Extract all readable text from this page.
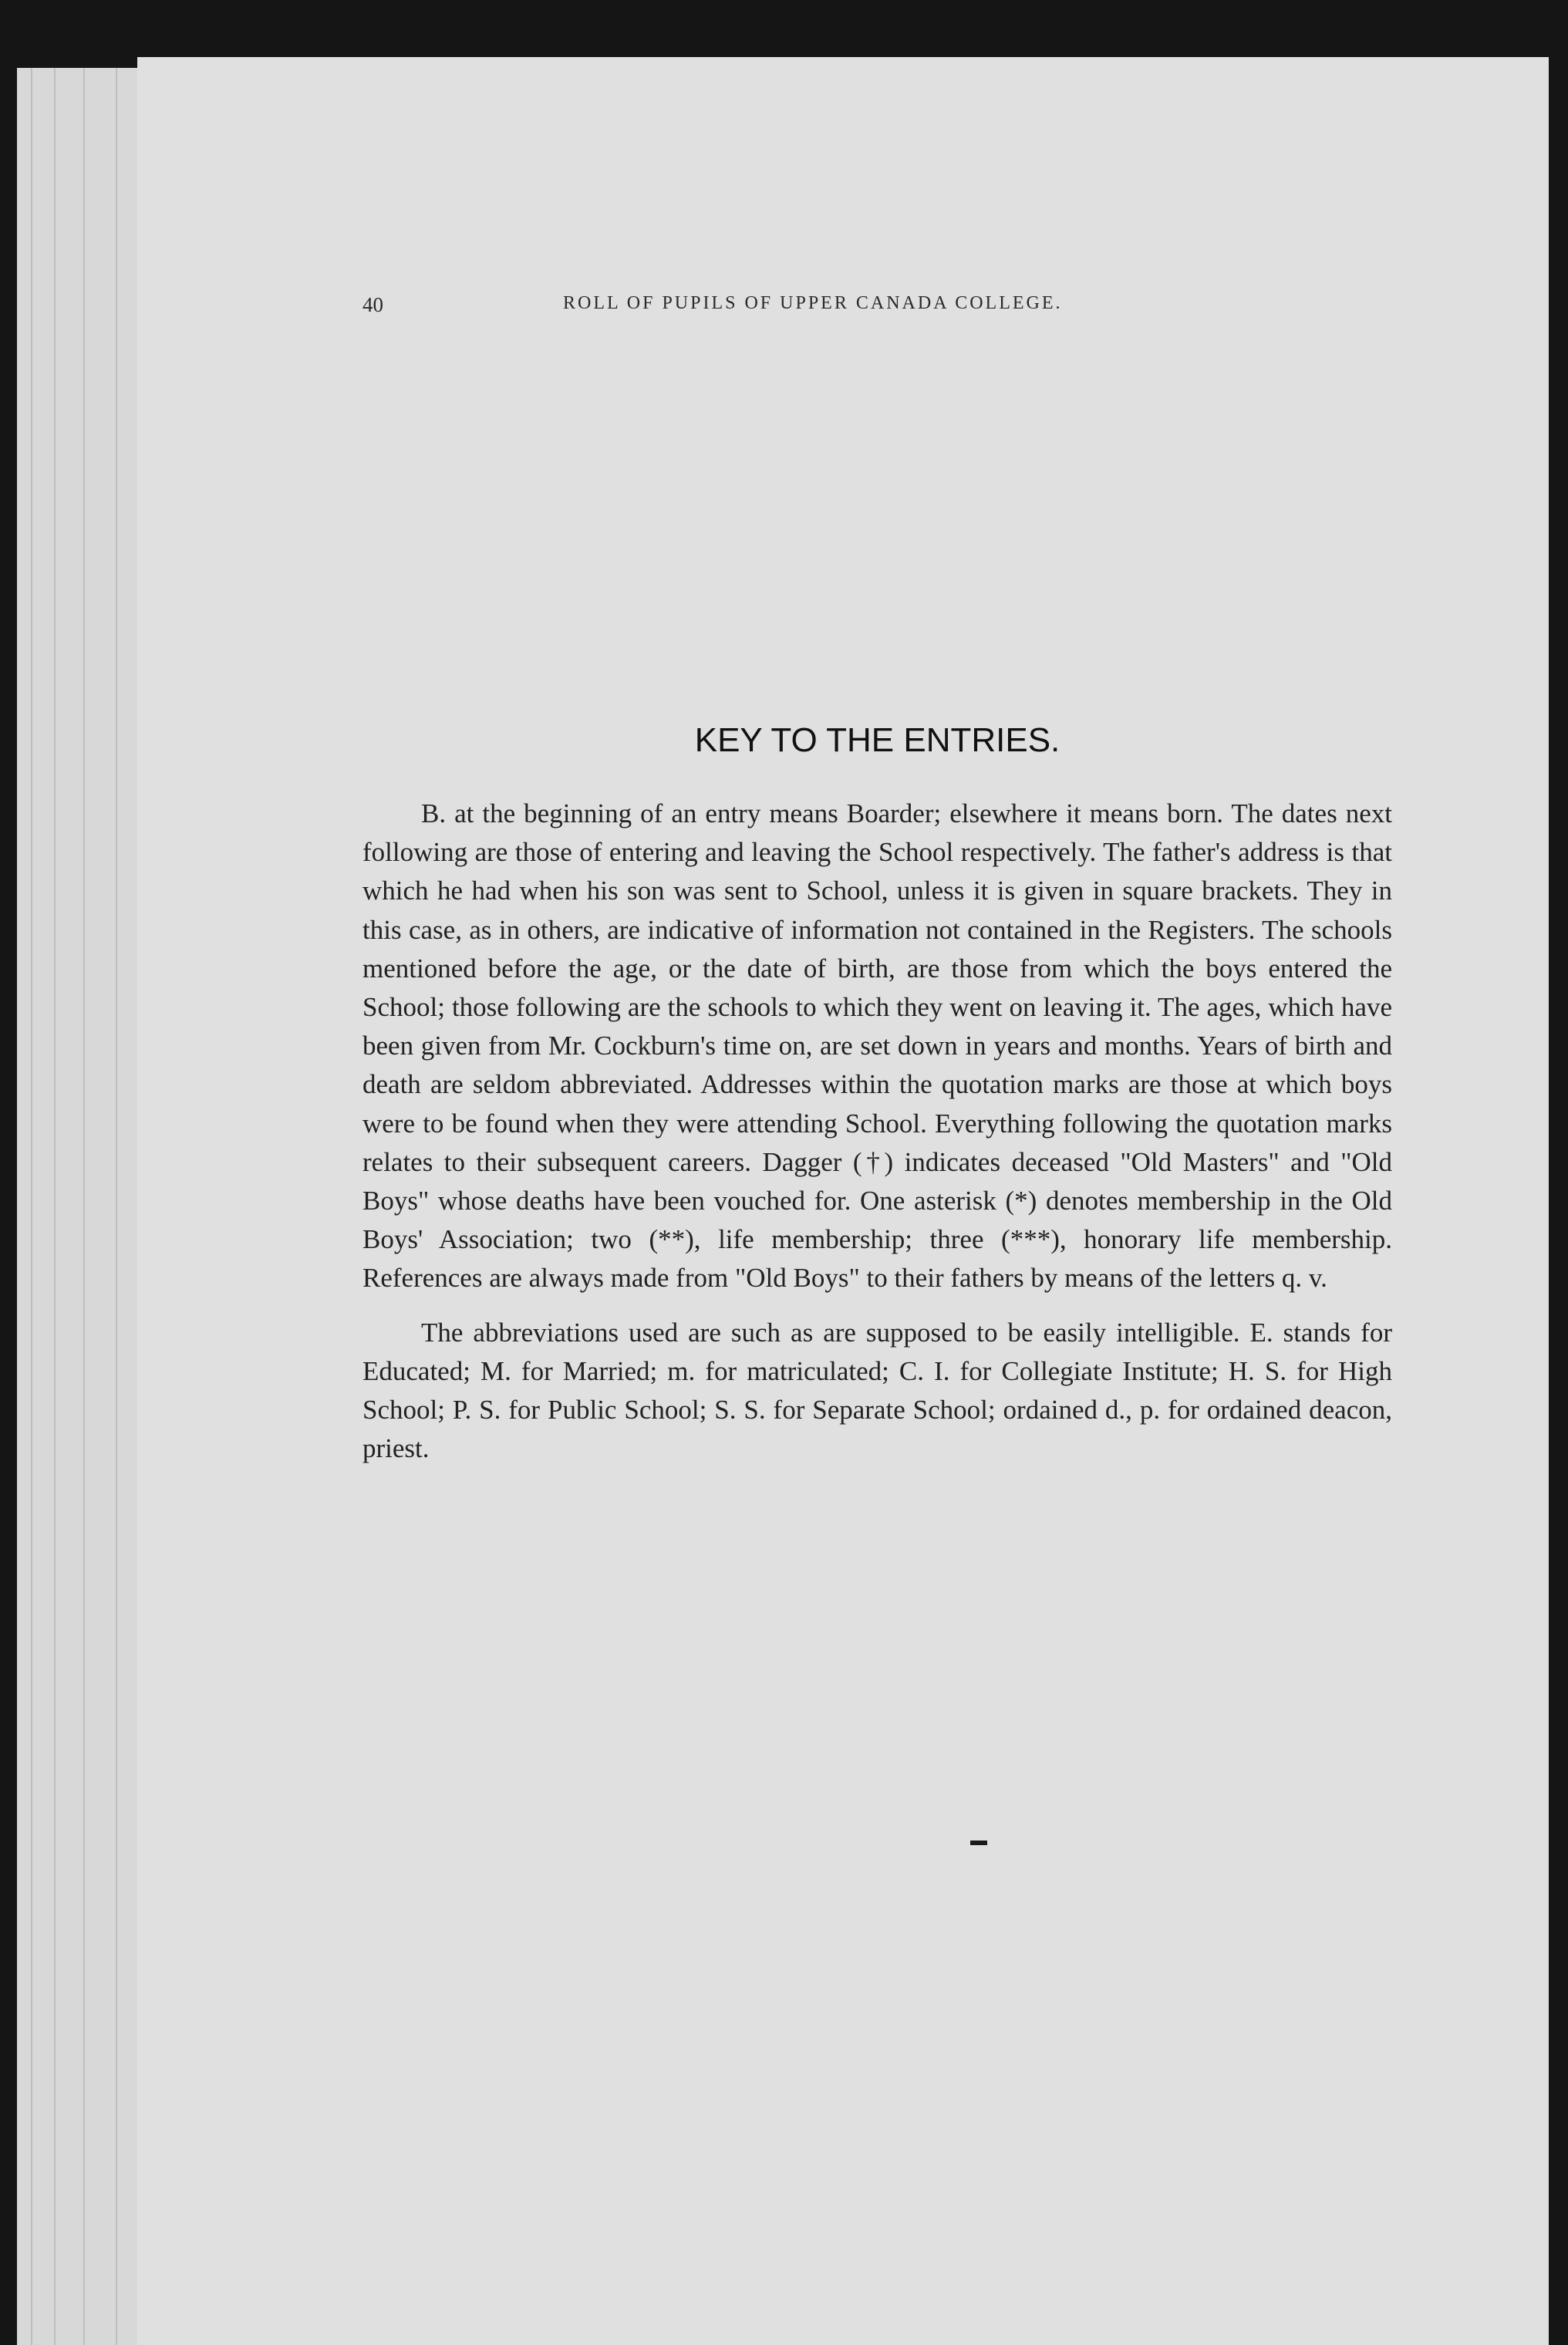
40	ROLL OF PUPILS OF UPPER CANADA COLLEGE.
KEY TO THE ENTRIES.

B. at the beginning of an entry means Boarder; elsewhere it means born. The dates next following are those of entering and leaving the School respectively. The father's address is that which he had when his son was sent to School, unless it is given in square brackets. They in this case, as in others, are indicative of information not contained in the Registers. The schools mentioned before the age, or the date of birth, are those from which the boys entered the School; those following are the schools to which they went on leaving it. The ages, which have been given from Mr. Cockburn's time on, are set down in years and months. Years of birth and death are seldom abbreviated. Addresses within the quotation marks are those at which boys were to be found when they were attending School. Everything following the quotation marks relates to their subsequent careers. Dagger (†) indicates deceased "Old Masters" and "Old Boys" whose deaths have been vouched for. One asterisk (*) denotes membership in the Old Boys' Association; two (**), life membership; three (***), honorary life membership. References are always made from "Old Boys" to their fathers by means of the letters q. v.

The abbreviations used are such as are supposed to be easily intelligible. E. stands for Educated; M. for Married; m. for matriculated; C. I. for Collegiate Institute; H. S. for High School; P. S. for Public School; S. S. for Separate School; ordained d., p. for ordained deacon, priest.
